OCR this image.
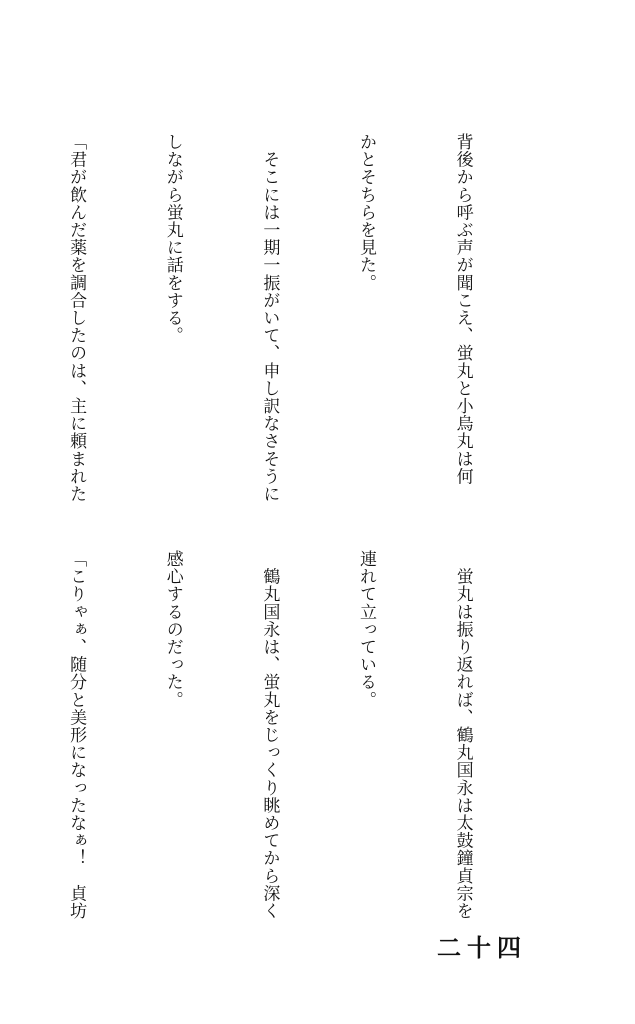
背後から呼ぶ声が聞こえ、蛍丸と小烏丸は何

かとそちらを見た。

　そこには一期一振がいて、申し訳なさそうに

しながら蛍丸に話をする。

「君が飲んだ薬を調合したのは、主に頼まれた

　蛍丸は振り返れば、鶴丸国永は太鼓鐘貞宗を

連れて立っている。

　鶴丸国永は、蛍丸をじっくり眺めてから深く

感心するのだった。

「こりゃぁ、随分と美形になったなぁ！　貞坊

二十四
